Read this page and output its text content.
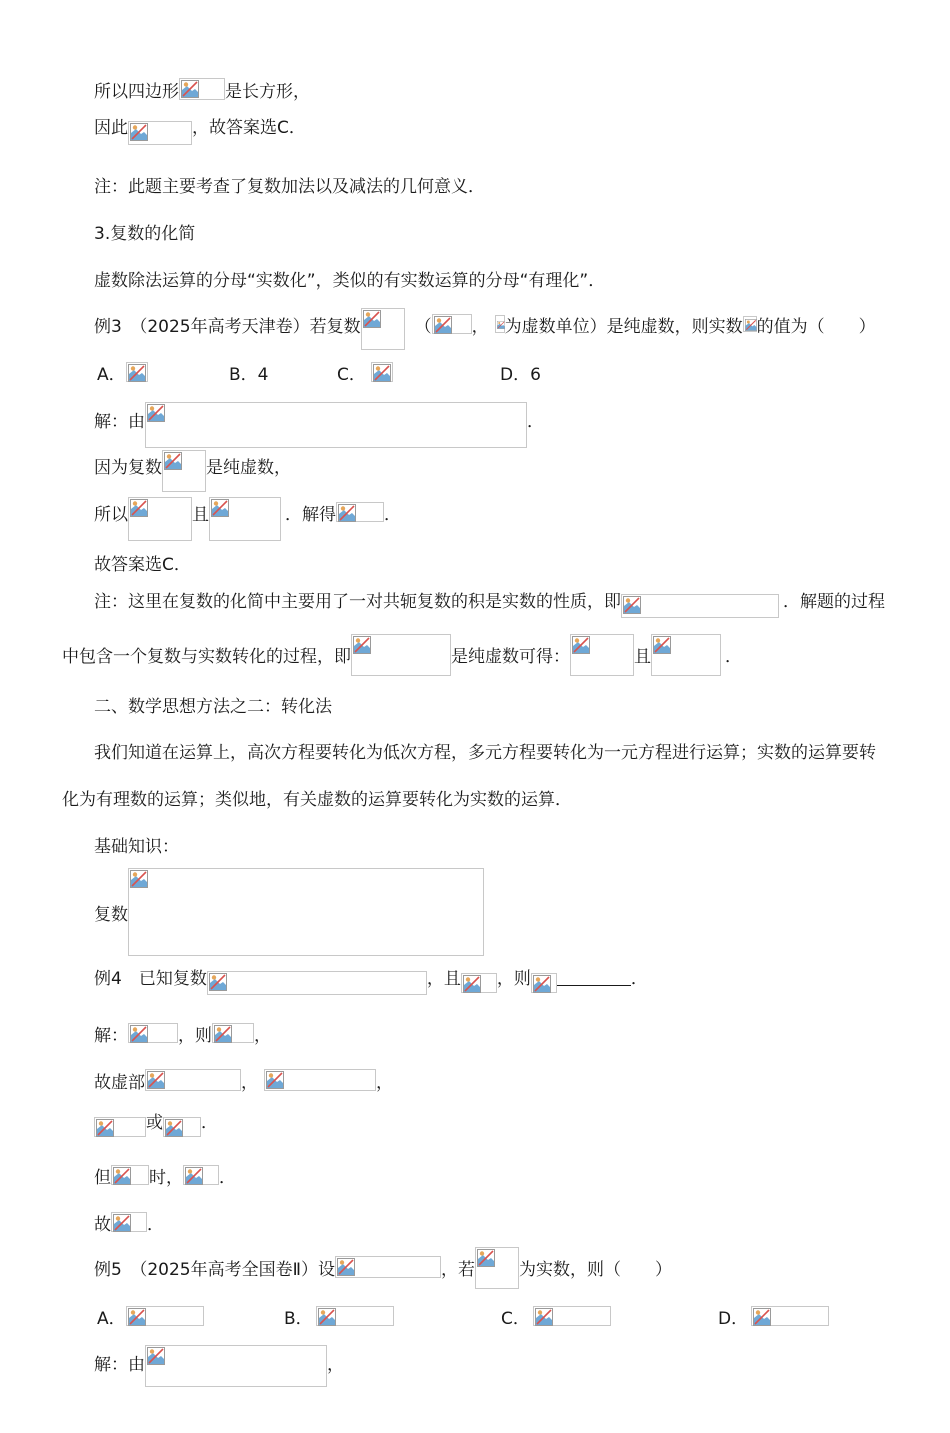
所以四边形	是长方形，
因此	，故答案选C．
注：此题主要考查了复数加法以及减法的几何意义．
3.复数的化简
虚数除法运算的分母“实数化”，类似的有实数运算的分母“有理化”．
例3　（2025年高考天津卷）若复数	（ ， 为虚数单位）是纯虚数，则实数 的值为（　　）
A．	B．4	C．	D．6
解：由	．
因为复数	是纯虚数，
所以	且	．解得	．
故答案选C．
注：这里在复数的化简中主要用了一对共轭复数的积是实数的性质，即	．解题的过程
中包含一个复数与实数转化的过程，即	是纯虚数可得：	且	．
二、数学思想方法之二：转化法
我们知道在运算上，高次方程要转化为低次方程，多元方程要转化为一元方程进行运算；实数的运算要转
化为有理数的运算；类似地，有关虚数的运算要转化为实数的运算．
基础知识：
复数
例4　已知复数	，且 ，则	．
解：	，则 ，
故虚部	，	，
或 ．
但 时， ．
故 ．
例5　（2025年高考全国卷Ⅱ）设	，若	为实数，则（　　）
A．	B．	C．	D．
解：由	，
